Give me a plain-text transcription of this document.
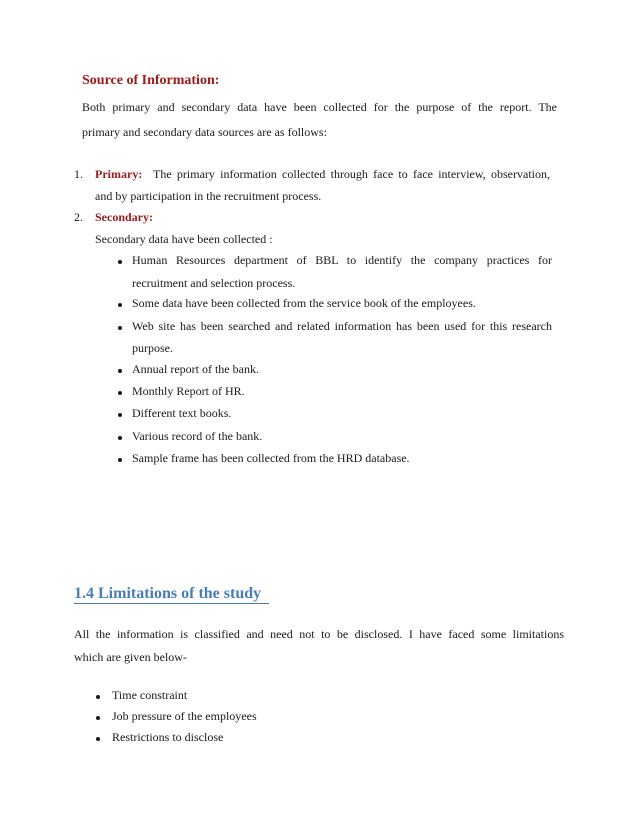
Source of Information:
Both primary and secondary data have been collected for the purpose of the report. The
primary and secondary data sources are as follows:
1. Primary: The primary information collected through face to face interview, observation,
and by participation in the recruitment process.
2. Secondary:
Secondary data have been collected :
Human Resources department of BBL to identify the company practices for
recruitment and selection process.
Some data have been collected from the service book of the employees.
Web site has been searched and related information has been used for this research
purpose.
Annual report of the bank.
Monthly Report of HR.
Different text books.
Various record of the bank.
Sample frame has been collected from the HRD database.
1.4 Limitations of the study
All the information is classified and need not to be disclosed. I have faced some limitations
which are given below-
Time constraint
Job pressure of the employees
Restrictions to disclose
